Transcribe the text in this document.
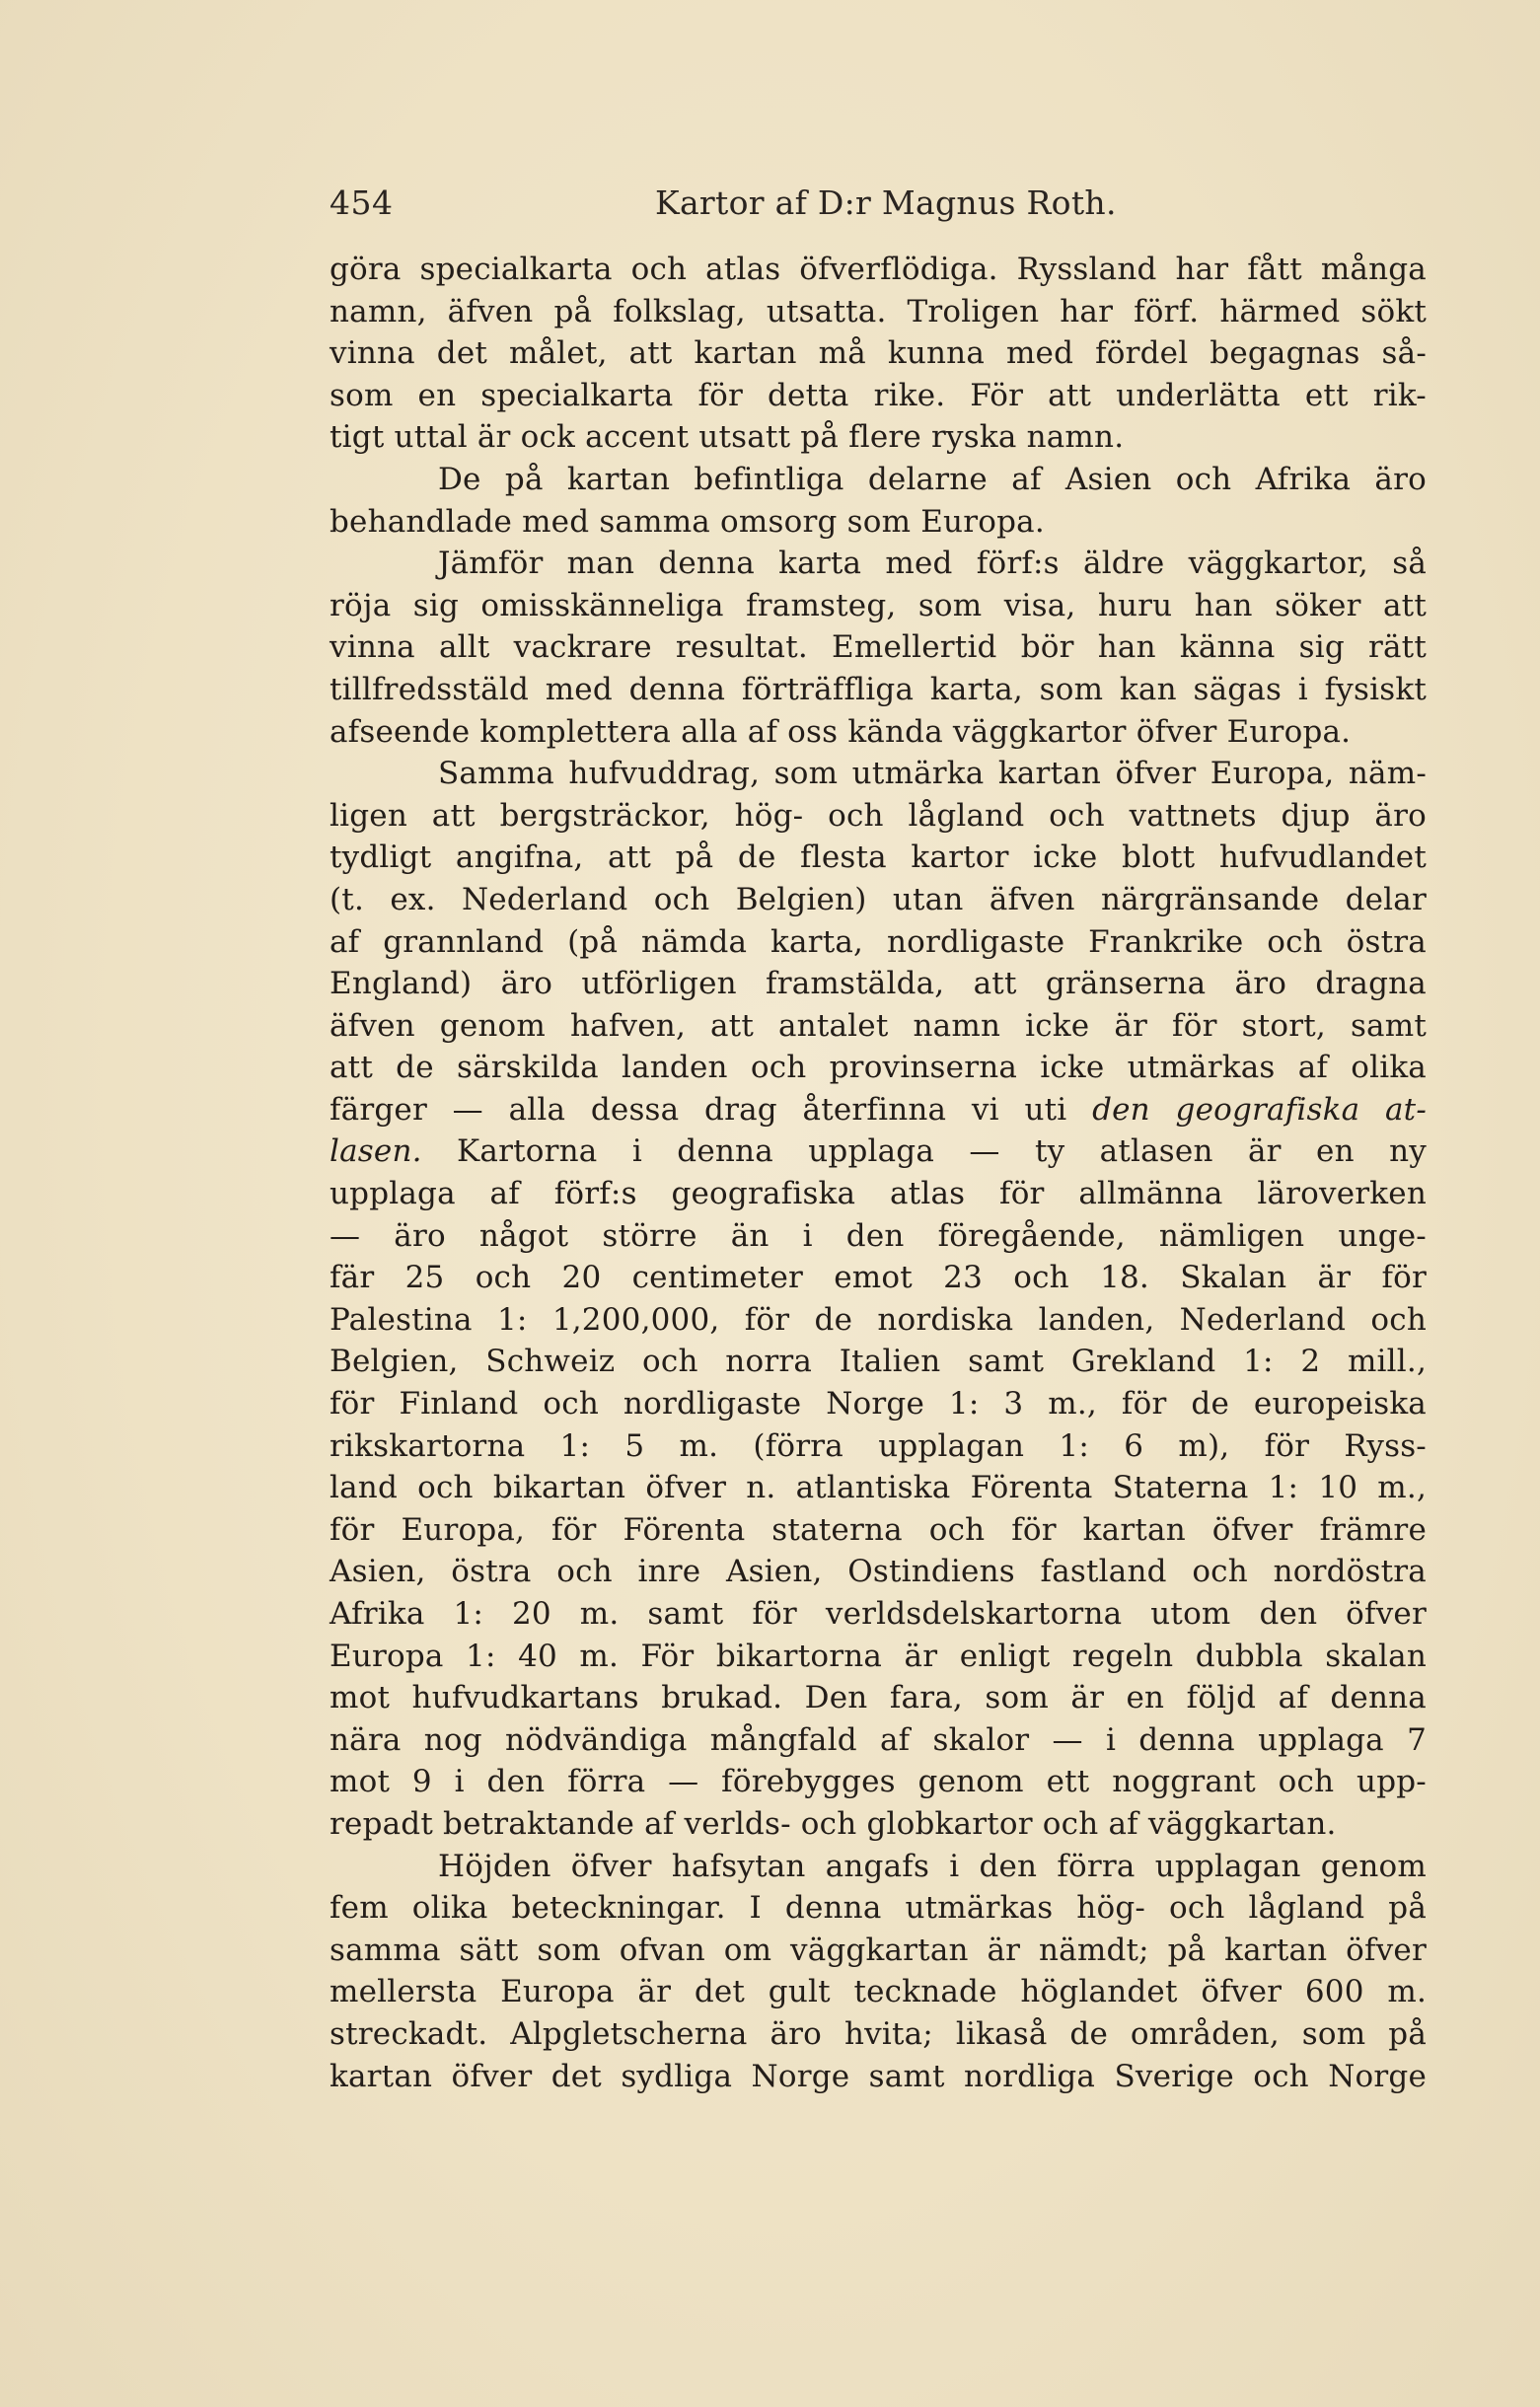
454	Kartor af D:r Magnus Roth.
göra specialkarta och atlas öfverflödiga. Ryssland har fått många
namn, äfven på folkslag, utsatta. Troligen har förf. härmed sökt
vinna det målet, att kartan må kunna med fördel begagnas så-
som en specialkarta för detta rike. För att underlätta ett rik-
tigt uttal är ock accent utsatt på flere ryska namn.
De på kartan befintliga delarne af Asien och Afrika äro
behandlade med samma omsorg som Europa.
Jämför man denna karta med förf:s äldre väggkartor, så
röja sig omisskänneliga framsteg, som visa, huru han söker att
vinna allt vackrare resultat. Emellertid bör han känna sig rätt
tillfredsstäld med denna förträffliga karta, som kan sägas i fysiskt
afseende komplettera alla af oss kända väggkartor öfver Europa.
Samma hufvuddrag, som utmärka kartan öfver Europa, näm-
ligen att bergsträckor, hög- och lågland och vattnets djup äro
tydligt angifna, att på de flesta kartor icke blott hufvudlandet
(t. ex. Nederland och Belgien) utan äfven närgränsande delar
af grannland (på nämda karta, nordligaste Frankrike och östra
England) äro utförligen framstälda, att gränserna äro dragna
äfven genom hafven, att antalet namn icke är för stort, samt
att de särskilda landen och provinserna icke utmärkas af olika
färger — alla dessa drag återfinna vi uti den geografiska at-
lasen. Kartorna i denna upplaga — ty atlasen är en ny
upplaga af förf:s geografiska atlas för allmänna läroverken
— äro något större än i den föregående, nämligen unge-
fär 25 och 20 centimeter emot 23 och 18. Skalan är för
Palestina 1: 1,200,000, för de nordiska landen, Nederland och
Belgien, Schweiz och norra Italien samt Grekland 1: 2 mill.,
för Finland och nordligaste Norge 1: 3 m., för de europeiska
rikskartorna 1: 5 m. (förra upplagan 1: 6 m), för Ryss-
land och bikartan öfver n. atlantiska Förenta Staterna 1: 10 m.,
för Europa, för Förenta staterna och för kartan öfver främre
Asien, östra och inre Asien, Ostindiens fastland och nordöstra
Afrika 1: 20 m. samt för verldsdelskartorna utom den öfver
Europa 1: 40 m. För bikartorna är enligt regeln dubbla skalan
mot hufvudkartans brukad. Den fara, som är en följd af denna
nära nog nödvändiga mångfald af skalor — i denna upplaga 7
mot 9 i den förra — förebygges genom ett noggrant och upp-
repadt betraktande af verlds- och globkartor och af väggkartan.
Höjden öfver hafsytan angafs i den förra upplagan genom
fem olika beteckningar. I denna utmärkas hög- och lågland på
samma sätt som ofvan om väggkartan är nämdt; på kartan öfver
mellersta Europa är det gult tecknade höglandet öfver 600 m.
streckadt. Alpgletscherna äro hvita; likaså de områden, som på
kartan öfver det sydliga Norge samt nordliga Sverige och Norge
